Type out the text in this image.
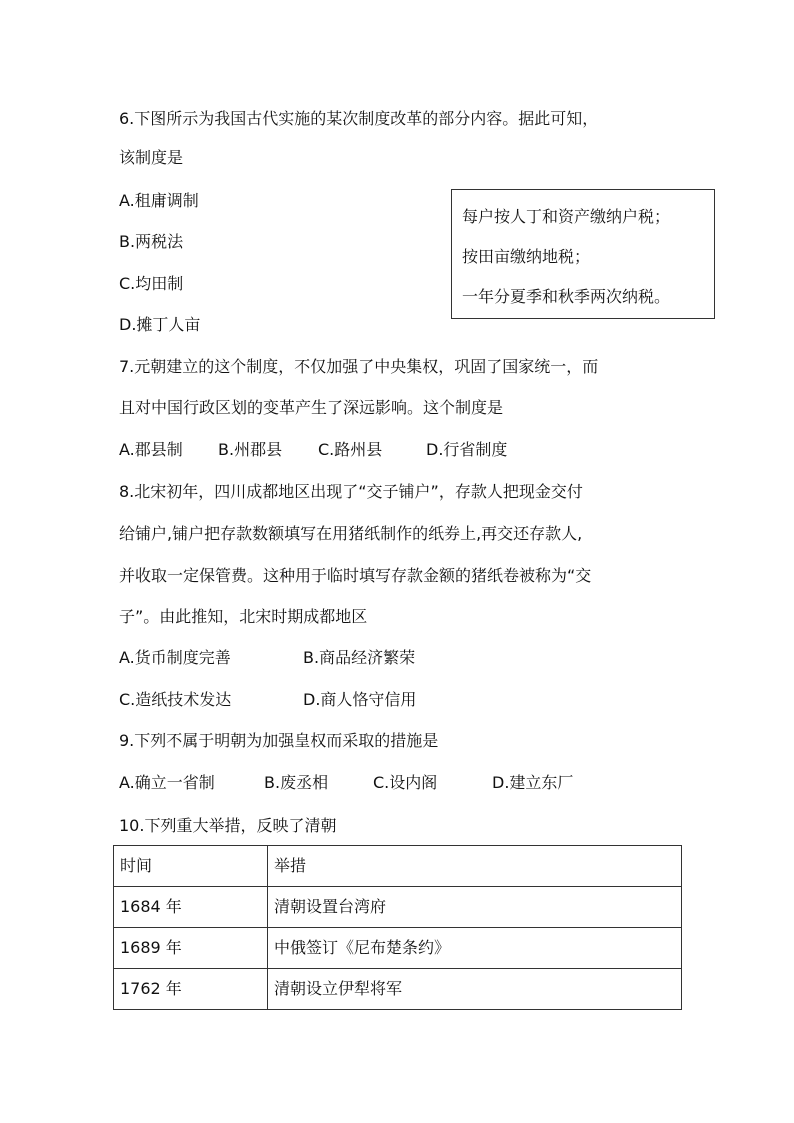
6.下图所示为我国古代实施的某次制度改革的部分内容。据此可知，
该制度是
A.租庸调制
B.两税法
C.均田制
D.摊丁人亩
每户按人丁和资产缴纳户税；
按田亩缴纳地税；
一年分夏季和秋季两次纳税。
7.元朝建立的这个制度，不仅加强了中央集权，巩固了国家统一，而
且对中国行政区划的变革产生了深远影响。这个制度是
A.郡县制 B.州郡县 C.路州县	D.行省制度
8.北宋初年，四川成都地区出现了“交子铺户”，存款人把现金交付
给铺户,铺户把存款数额填写在用猪纸制作的纸券上,再交还存款人,
并收取一定保管费。这种用于临时填写存款金额的猪纸卷被称为“交
子”。由此推知，北宋时期成都地区
A.货币制度完善	B.商品经济繁荣
C.造纸技术发达	D.商人恪守信用
9.下列不属于明朝为加强皇权而采取的措施是
A.确立一省制	B.废丞相	C.设内阁	D.建立东厂
10.下列重大举措，反映了清朝
时间	举措
1684 年	清朝设置台湾府
1689 年	中俄签订《尼布楚条约》
1762 年	清朝设立伊犁将军
